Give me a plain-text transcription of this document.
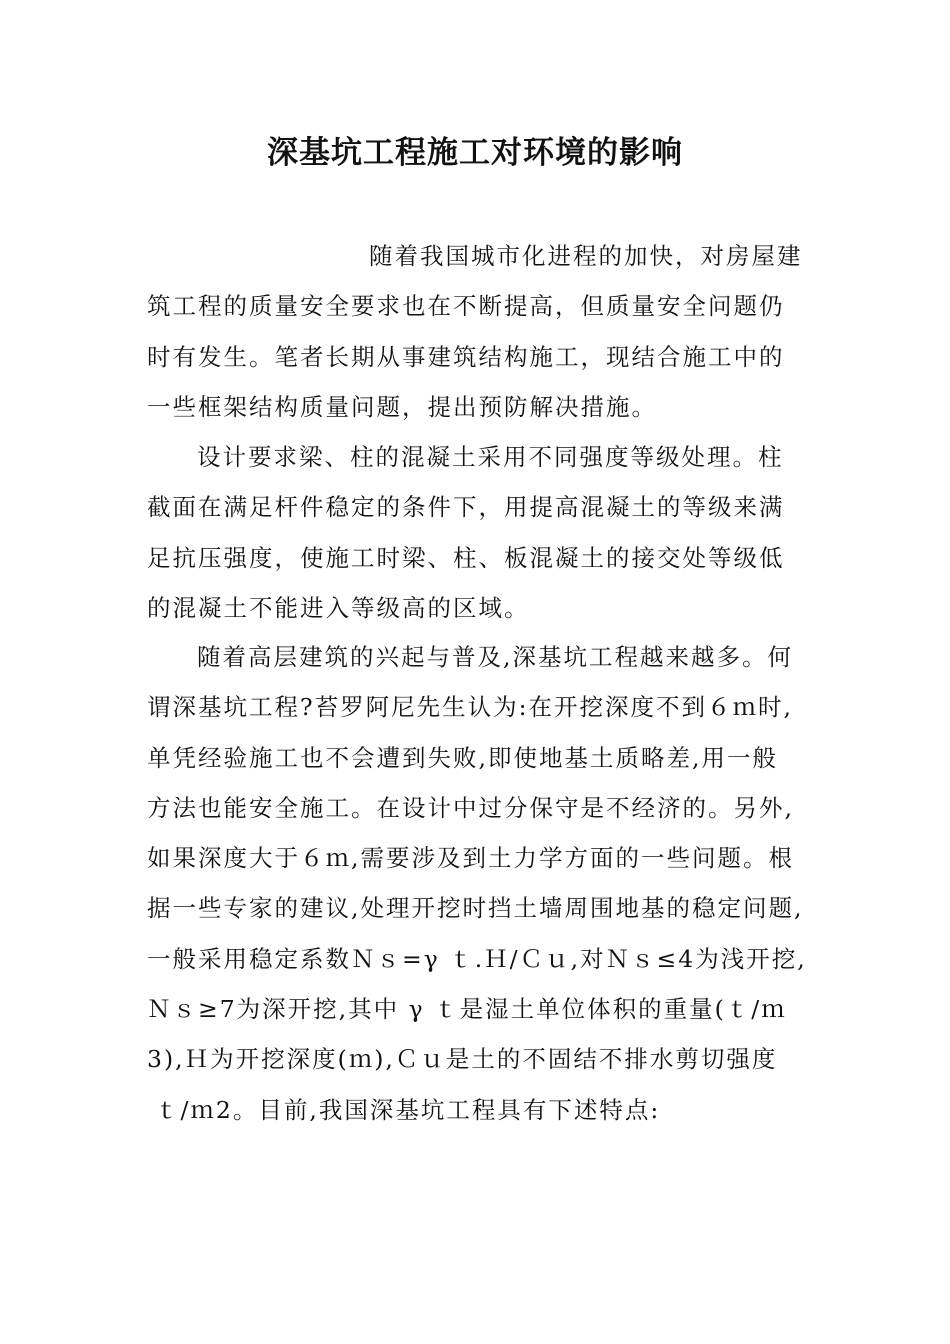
深基坑工程施工对环境的影响
随着我国城市化进程的加快，对房屋建
筑工程的质量安全要求也在不断提高，但质量安全问题仍
时有发生。笔者长期从事建筑结构施工，现结合施工中的
一些框架结构质量问题，提出预防解决措施。
设计要求梁、柱的混凝土采用不同强度等级处理。柱
截面在满足杆件稳定的条件下，用提高混凝土的等级来满
足抗压强度，使施工时梁、柱、板混凝土的接交处等级低
的混凝土不能进入等级高的区域。
随着高层建筑的兴起与普及,深基坑工程越来越多。何
谓深基坑工程?苔罗阿尼先生认为:在开挖深度不到６ｍ时,
单凭经验施工也不会遭到失败,即使地基土质略差,用一般
方法也能安全施工。在设计中过分保守是不经济的。另外,
如果深度大于６ｍ,需要涉及到土力学方面的一些问题。根
据一些专家的建议,处理开挖时挡土墙周围地基的稳定问题,
一般采用稳定系数Ｎｓ=γ ｔ.Ｈ/Ｃｕ,对Ｎｓ≤4为浅开挖,
Ｎｓ≥7为深开挖,其中 γ ｔ是湿土单位体积的重量(ｔ/ｍ
3),Ｈ为开挖深度(ｍ),Ｃｕ是土的不固结不排水剪切强度
ｔ/ｍ2。目前,我国深基坑工程具有下述特点:
